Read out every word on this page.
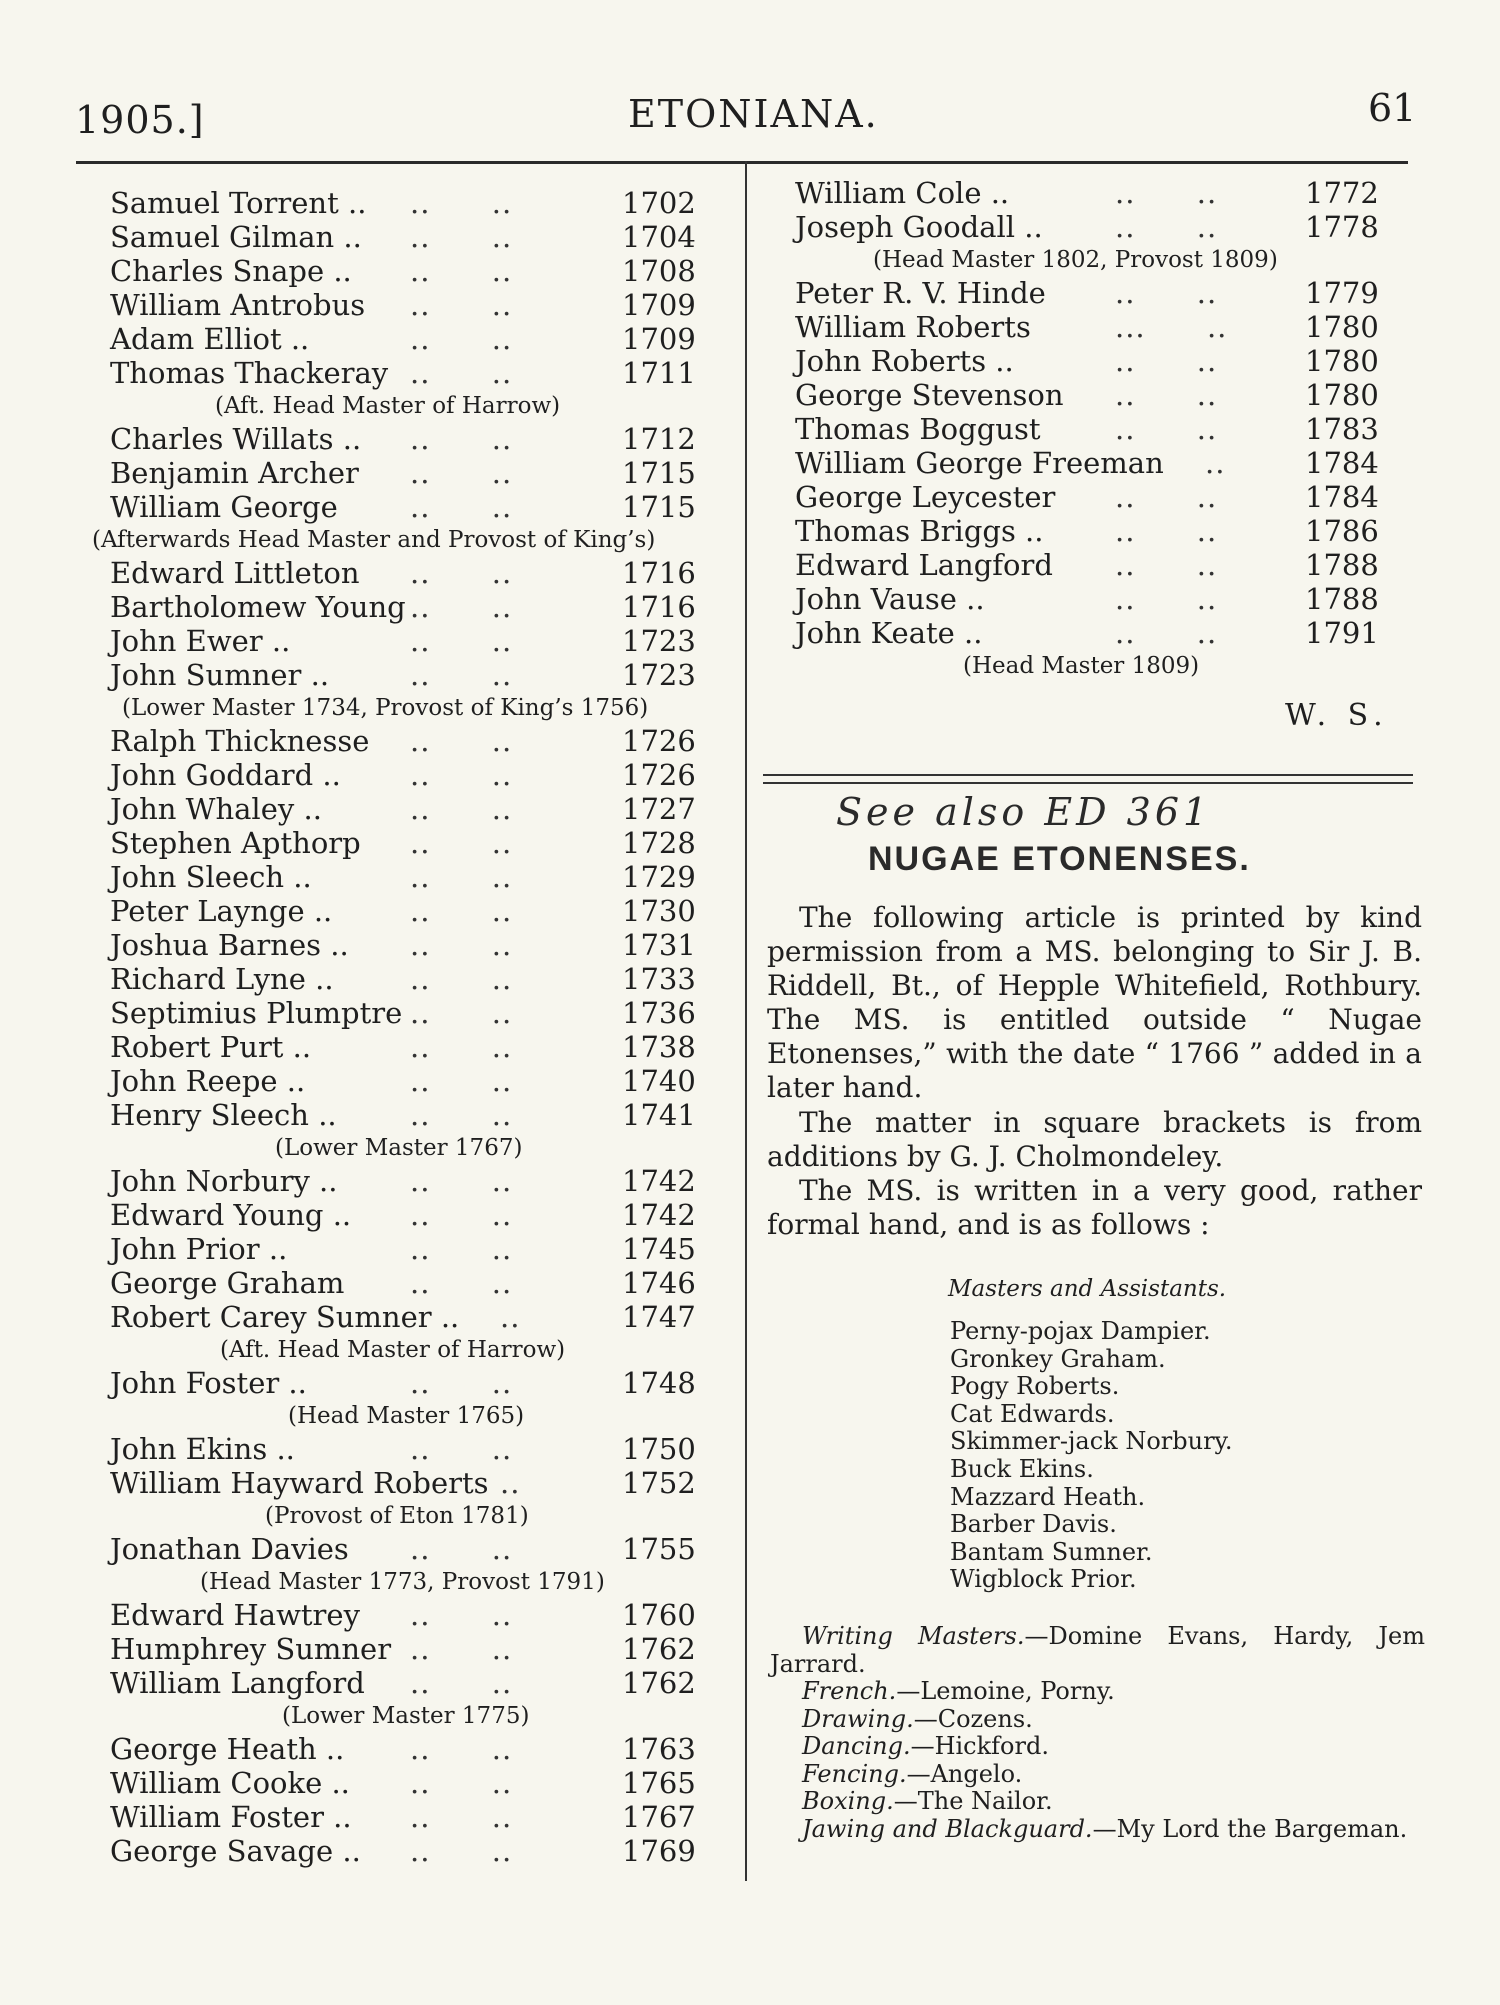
1905.]	ETONIANA.	61
Samuel Torrent .. ..      ..	1702
Samuel Gilman .. ..      ..	1704
Charles Snape .. ..      ..	1708
William Antrobus ..      ..	1709
Adam Elliot ..	..      ..	1709
Thomas Thackeray ..      ..	1711
(Aft. Head Master of Harrow)
Charles Willats .. ..      ..	1712
Benjamin Archer ..      ..	1715
William George ..      ..	1715
(Afterwards Head Master and Provost of King’s)
Edward Littleton ..      ..	1716
Bartholomew Young ..      ..	1716
John Ewer ..	..      ..	1723
John Sumner ..	..      ..	1723
(Lower Master 1734, Provost of King’s 1756)
Ralph Thicknesse ..      ..	1726
John Goddard .. ..      ..	1726
John Whaley ..	..      ..	1727
Stephen Apthorp ..      ..	1728
John Sleech ..	..      ..	1729
Peter Layngе ..	..      ..	1730
Joshua Barnes .. ..      ..	1731
Richard Lyne ..	..      ..	1733
Septimius Plumptre ..      ..	1736
Robert Purt ..	..      ..	1738
John Reepe ..	..      ..	1740
Henry Sleech ..	..      ..	1741
(Lower Master 1767)
John Norbury ..	..      ..	1742
Edward Young .. ..      ..	1742
John Prior ..	..      ..	1745
George Graham ..      ..	1746
Robert Carey Sumner .. ..	1747
(Aft. Head Master of Harrow)
John Foster ..	..      ..	1748
(Head Master 1765)
John Ekins ..	..      ..	1750
William Hayward Roberts ..	1752
(Provost of Eton 1781)
Jonathan Davies ..      ..	1755
(Head Master 1773, Provost 1791)
Edward Hawtrey ..      ..	1760
Humphrey Sumner ..      ..	1762
William Langford ..      ..	1762
(Lower Master 1775)
George Heath .. ..      ..	1763
William Cooke .. ..      ..	1765
William Foster .. ..      ..	1767
George Savage .. ..      ..	1769
William Cole ..	..      ..	1772
Joseph Goodall .. ..      ..	1778
(Head Master 1802, Provost 1809)
Peter R. V. Hinde ..      ..	1779
William Roberts	...      ..	1780
John Roberts ..	..      ..	1780
George Stevenson ..      ..	1780
Thomas Boggust	..      ..	1783
William George Freeman ..	1784
George Leycester ..      ..	1784
Thomas Briggs .. ..      ..	1786
Edward Langford ..      ..	1788
John Vause ..	..      ..	1788
John Keate ..	..      ..	1791
(Head Master 1809)
W. S.
See also ED 361
NUGAE ETONENSES.

The following article is printed by kind permission from a MS. belonging to Sir J. B. Riddell, Bt., of Hepple Whitefield, Rothbury. The MS. is entitled outside “ Nugae Etonenses,” with the date “ 1766 ” added in a later hand.

The matter in square brackets is from additions by G. J. Cholmondeley.

The MS. is written in a very good, rather formal hand, and is as follows :

Masters and Assistants.
Perny-pojax Dampier.
Gronkey Graham.
Pogy Roberts.
Cat Edwards.
Skimmer-jack Norbury.
Buck Ekins.
Mazzard Heath.
Barber Davis.
Bantam Sumner.
Wigblock Prior.
Writing Masters.—Domine Evans, Hardy, Jem Jarrard.
French.—Lemoine, Porny.
Drawing.—Cozens.
Dancing.—Hickford.
Fencing.—Angelo.
Boxing.—The Nailor.
Jawing and Blackguard.—My Lord the Bargeman.
